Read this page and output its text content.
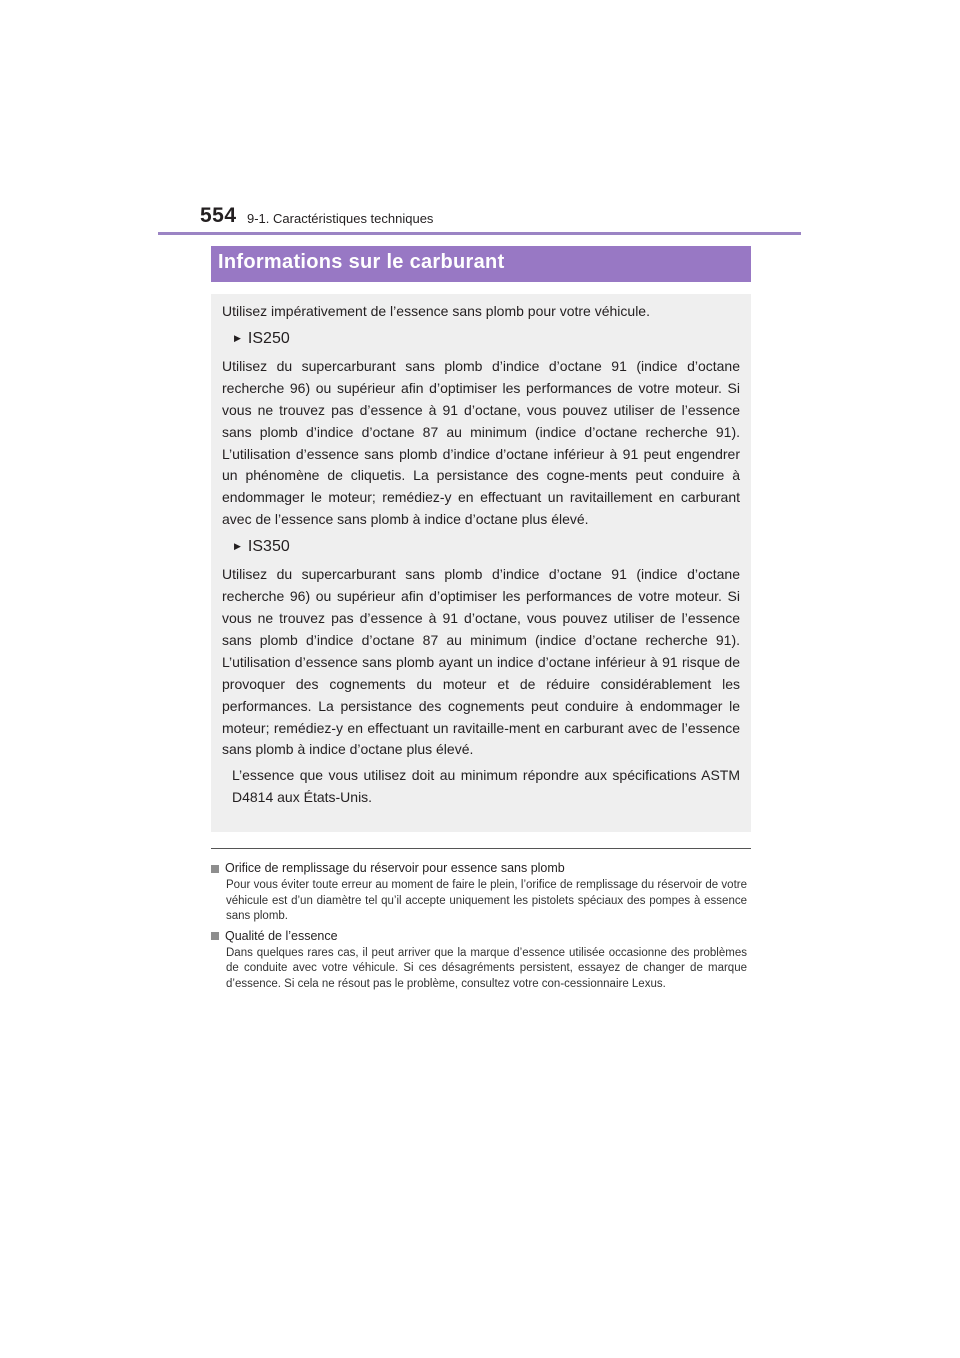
554 9-1. Caractéristiques techniques
Informations sur le carburant

Utilisez impérativement de l’essence sans plomb pour votre véhicule.

▶ IS250

Utilisez du supercarburant sans plomb d’indice d’octane 91 (indice d’octane recherche 96) ou supérieur afin d’optimiser les performances de votre moteur. Si vous ne trouvez pas d’essence à 91 d’octane, vous pouvez utiliser de l’essence sans plomb d’indice d’octane 87 au minimum (indice d’octane recherche 91). L’utilisation d’essence sans plomb d’indice d’octane inférieur à 91 peut engendrer un phénomène de cliquetis. La persistance des cogne-ments peut conduire à endommager le moteur; remédiez-y en effectuant un ravitaillement en carburant avec de l’essence sans plomb à indice d’octane plus élevé.

▶ IS350

Utilisez du supercarburant sans plomb d’indice d’octane 91 (indice d’octane recherche 96) ou supérieur afin d’optimiser les performances de votre moteur. Si vous ne trouvez pas d’essence à 91 d’octane, vous pouvez utiliser de l’essence sans plomb d’indice d’octane 87 au minimum (indice d’octane recherche 91). L’utilisation d’essence sans plomb ayant un indice d’octane inférieur à 91 risque de provoquer des cognements du moteur et de réduire considérablement les performances. La persistance des cognements peut conduire à endommager le moteur; remédiez-y en effectuant un ravitaille-ment en carburant avec de l’essence sans plomb à indice d’octane plus élevé.

L’essence que vous utilisez doit au minimum répondre aux spécifications ASTM D4814 aux États-Unis.

Orifice de remplissage du réservoir pour essence sans plomb
Pour vous éviter toute erreur au moment de faire le plein, l’orifice de remplissage du réservoir de votre véhicule est d’un diamètre tel qu’il accepte uniquement les pistolets spéciaux des pompes à essence sans plomb.
Qualité de l’essence
Dans quelques rares cas, il peut arriver que la marque d’essence utilisée occasionne des problèmes de conduite avec votre véhicule. Si ces désagréments persistent, essayez de changer de marque d’essence. Si cela ne résout pas le problème, consultez votre con-cessionnaire Lexus.
